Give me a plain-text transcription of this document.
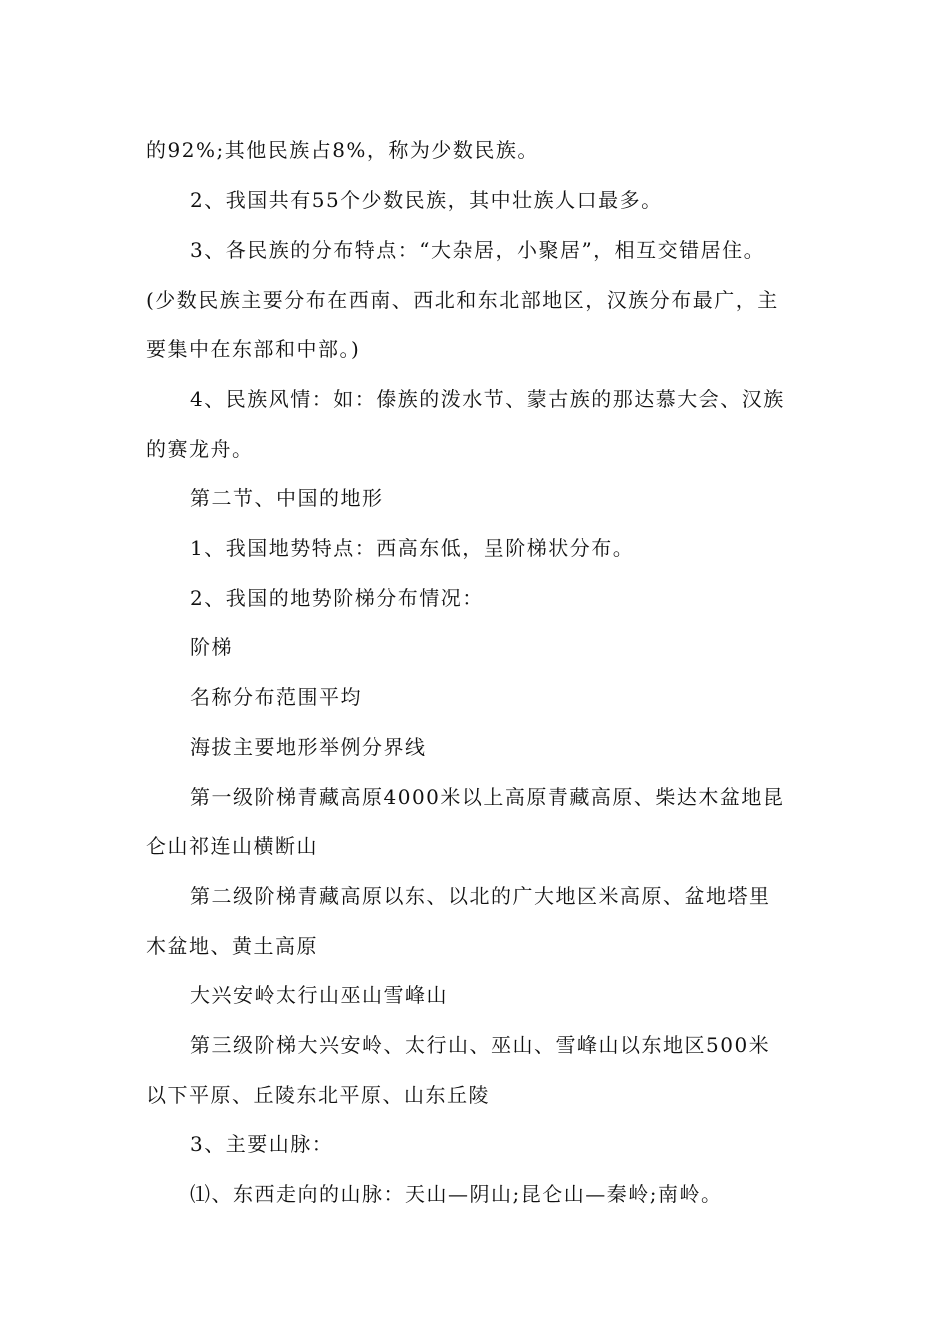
的92%;其他民族占8%，称为少数民族。
2、我国共有55个少数民族，其中壮族人口最多。
3、各民族的分布特点：“大杂居，小聚居”，相互交错居住。
(少数民族主要分布在西南、西北和东北部地区，汉族分布最广，主
要集中在东部和中部。)
4、民族风情：如：傣族的泼水节、蒙古族的那达慕大会、汉族
的赛龙舟。
第二节、中国的地形
1、我国地势特点：西高东低，呈阶梯状分布。
2、我国的地势阶梯分布情况：
阶梯
名称分布范围平均
海拔主要地形举例分界线
第一级阶梯青藏高原4000米以上高原青藏高原、柴达木盆地昆
仑山祁连山横断山
第二级阶梯青藏高原以东、以北的广大地区米高原、盆地塔里
木盆地、黄土高原
大兴安岭太行山巫山雪峰山
第三级阶梯大兴安岭、太行山、巫山、雪峰山以东地区500米
以下平原、丘陵东北平原、山东丘陵
3、主要山脉：
⑴、东西走向的山脉：天山—阴山;昆仑山—秦岭;南岭。
